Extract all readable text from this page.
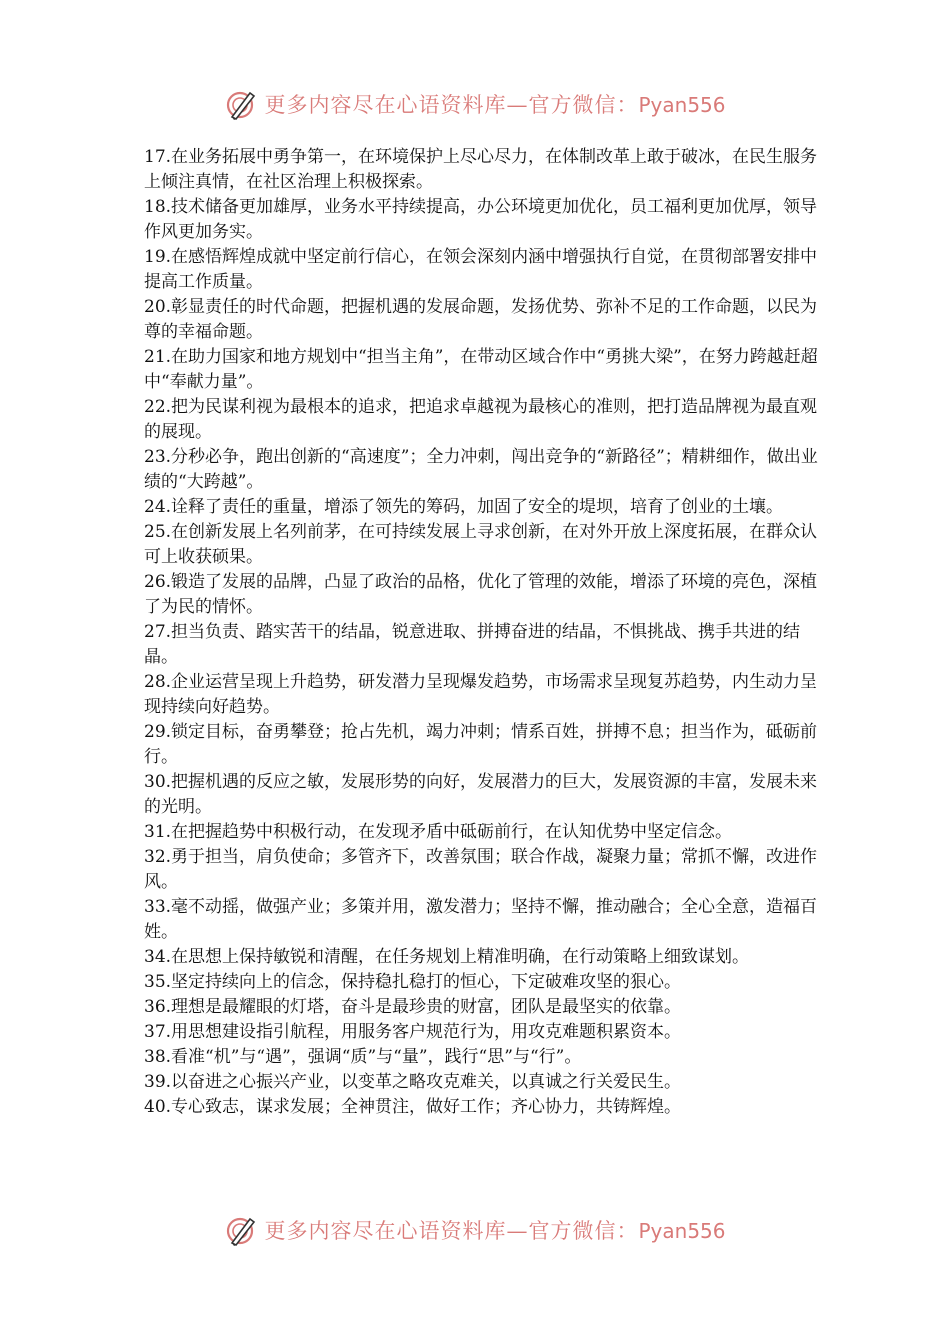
更多内容尽在心语资料库—官方微信：Pyan556

17.在业务拓展中勇争第一，在环境保护上尽心尽力，在体制改革上敢于破冰，在民生服务上倾注真情，在社区治理上积极探索。

18.技术储备更加雄厚，业务水平持续提高，办公环境更加优化，员工福利更加优厚，领导作风更加务实。

19.在感悟辉煌成就中坚定前行信心，在领会深刻内涵中增强执行自觉，在贯彻部署安排中提高工作质量。

20.彰显责任的时代命题，把握机遇的发展命题，发扬优势、弥补不足的工作命题，以民为尊的幸福命题。

21.在助力国家和地方规划中“担当主角”，在带动区域合作中“勇挑大梁”，在努力跨越赶超中“奉献力量”。

22.把为民谋利视为最根本的追求，把追求卓越视为最核心的准则，把打造品牌视为最直观的展现。

23.分秒必争，跑出创新的“高速度”；全力冲刺，闯出竞争的“新路径”；精耕细作，做出业绩的“大跨越”。

24.诠释了责任的重量，增添了领先的筹码，加固了安全的堤坝，培育了创业的土壤。

25.在创新发展上名列前茅，在可持续发展上寻求创新，在对外开放上深度拓展，在群众认可上收获硕果。

26.锻造了发展的品牌，凸显了政治的品格，优化了管理的效能，增添了环境的亮色，深植了为民的情怀。

27.担当负责、踏实苦干的结晶，锐意进取、拼搏奋进的结晶，不惧挑战、携手共进的结晶。

28.企业运营呈现上升趋势，研发潜力呈现爆发趋势，市场需求呈现复苏趋势，内生动力呈现持续向好趋势。

29.锁定目标，奋勇攀登；抢占先机，竭力冲刺；情系百姓，拼搏不息；担当作为，砥砺前行。

30.把握机遇的反应之敏，发展形势的向好，发展潜力的巨大，发展资源的丰富，发展未来的光明。

31.在把握趋势中积极行动，在发现矛盾中砥砺前行，在认知优势中坚定信念。

32.勇于担当，肩负使命；多管齐下，改善氛围；联合作战，凝聚力量；常抓不懈，改进作风。

33.毫不动摇，做强产业；多策并用，激发潜力；坚持不懈，推动融合；全心全意，造福百姓。

34.在思想上保持敏锐和清醒，在任务规划上精准明确，在行动策略上细致谋划。

35.坚定持续向上的信念，保持稳扎稳打的恒心，下定破难攻坚的狠心。

36.理想是最耀眼的灯塔，奋斗是最珍贵的财富，团队是最坚实的依靠。

37.用思想建设指引航程，用服务客户规范行为，用攻克难题积累资本。

38.看准“机”与“遇”，强调“质”与“量”，践行“思”与“行”。

39.以奋进之心振兴产业，以变革之略攻克难关，以真诚之行关爱民生。

40.专心致志，谋求发展；全神贯注，做好工作；齐心协力，共铸辉煌。

更多内容尽在心语资料库—官方微信：Pyan556
